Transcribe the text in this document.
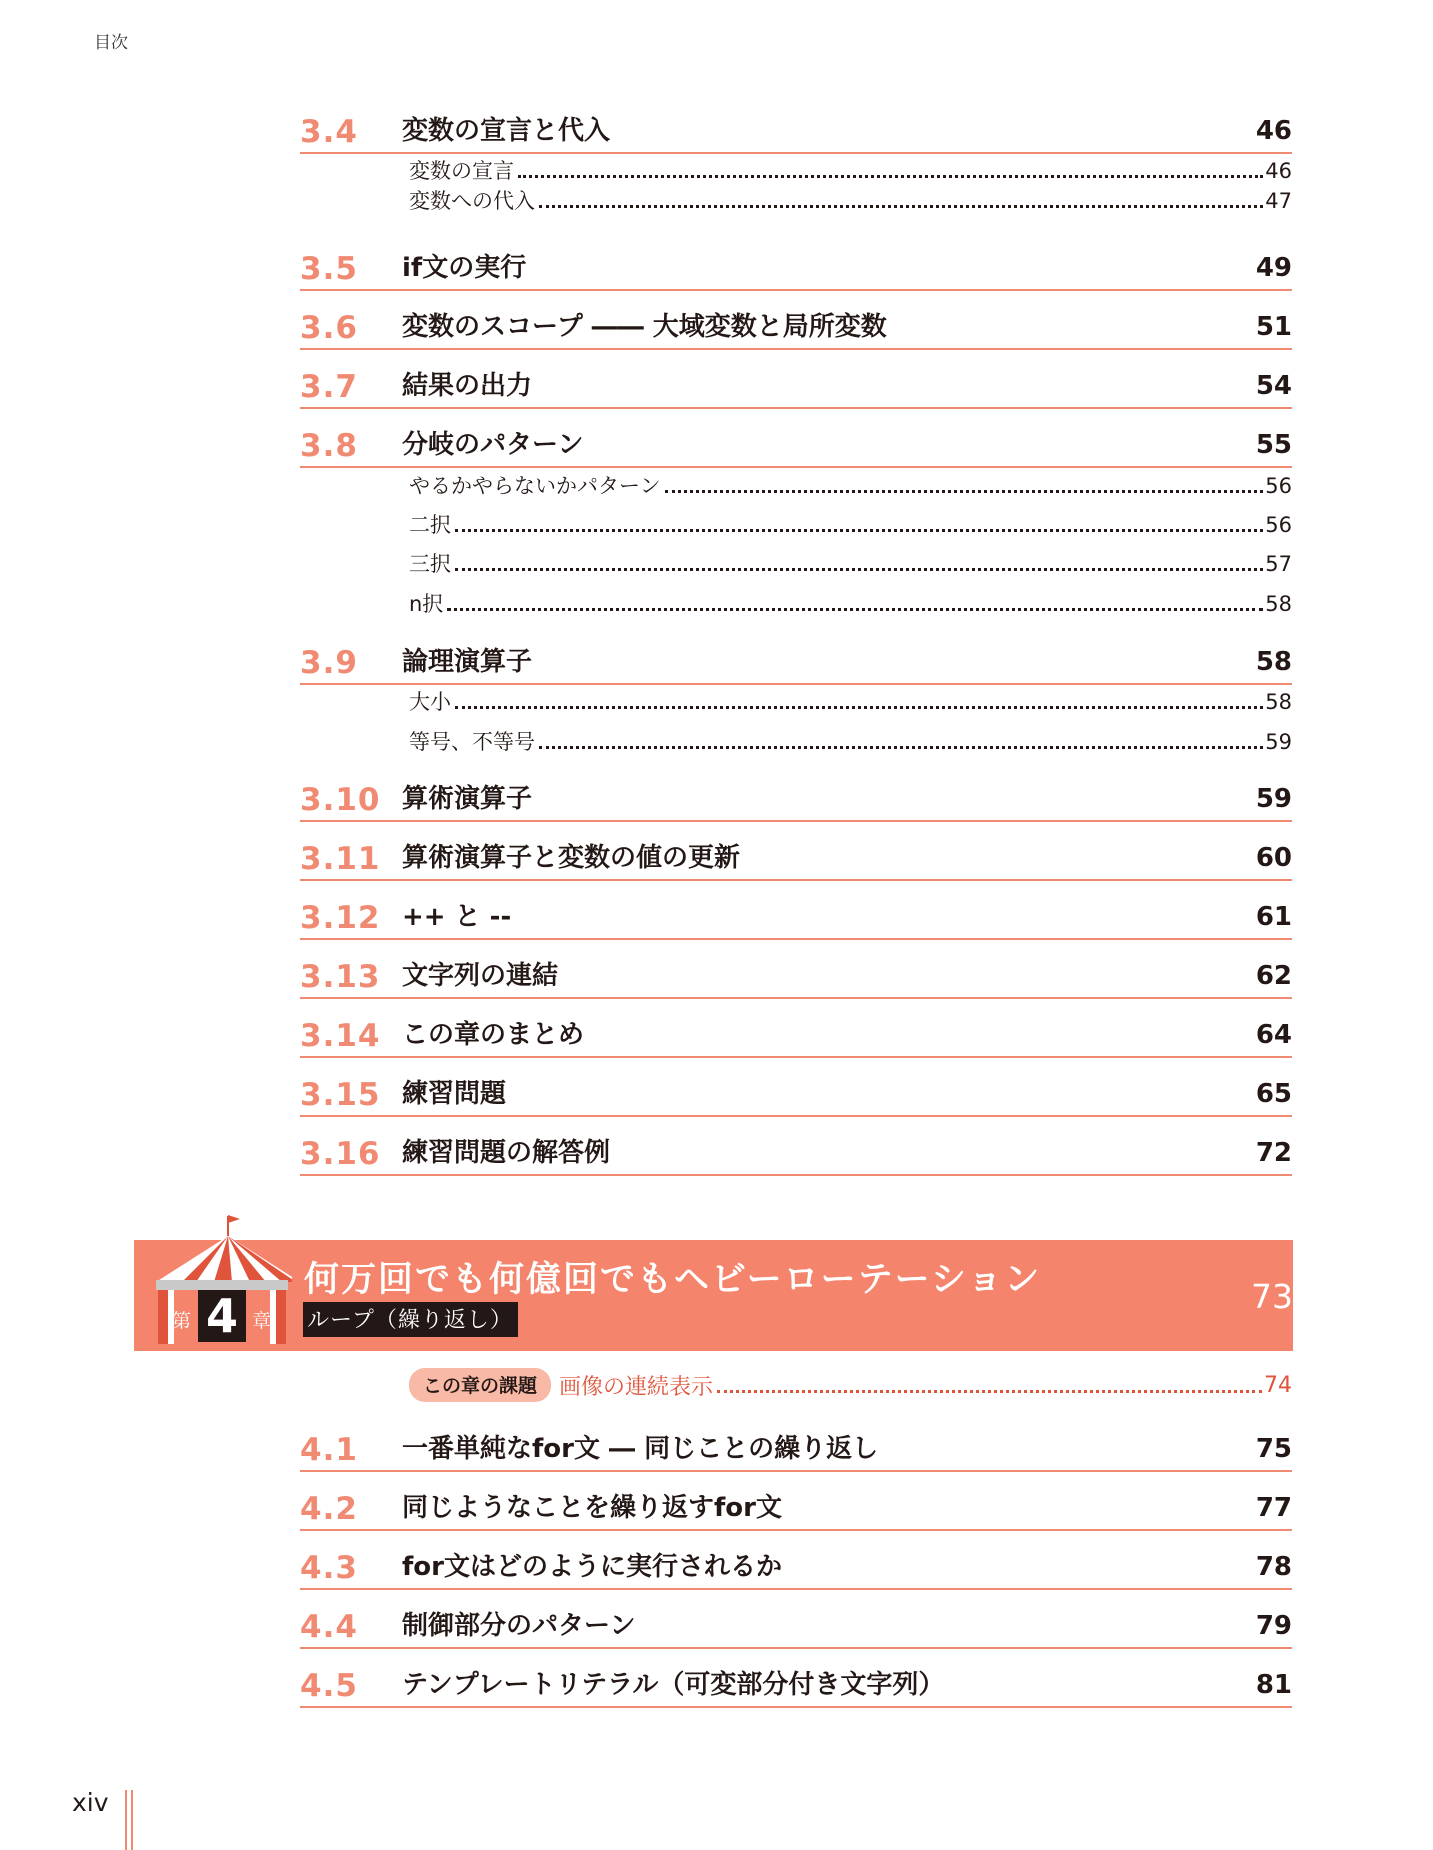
目次
3.4 変数の宣言と代入	46
変数の宣言	46
変数への代入	47
3.5 if文の実行	49
3.6 変数のスコープ ―― 大域変数と局所変数	51
3.7 結果の出力	54
3.8 分岐のパターン	55
やるかやらないかパターン	56
二択	56
三択	57
n択	58
3.9 論理演算子	58
大小	58
等号、不等号	59
3.10 算術演算子	59
3.11 算術演算子と変数の値の更新	60
3.12 ++ と --	61
3.13 文字列の連結	62
3.14 この章のまとめ	64
3.15 練習問題	65
3.16 練習問題の解答例	72
第 4 章
何万回でも何億回でもヘビーローテーション
ループ（繰り返し）
73
この章の課題	画像の連続表示	74
4.1 一番単純なfor文 ― 同じことの繰り返し	75
4.2 同じようなことを繰り返すfor文	77
4.3 for文はどのように実行されるか	78
4.4 制御部分のパターン	79
4.5 テンプレートリテラル（可変部分付き文字列）	81
xiv
